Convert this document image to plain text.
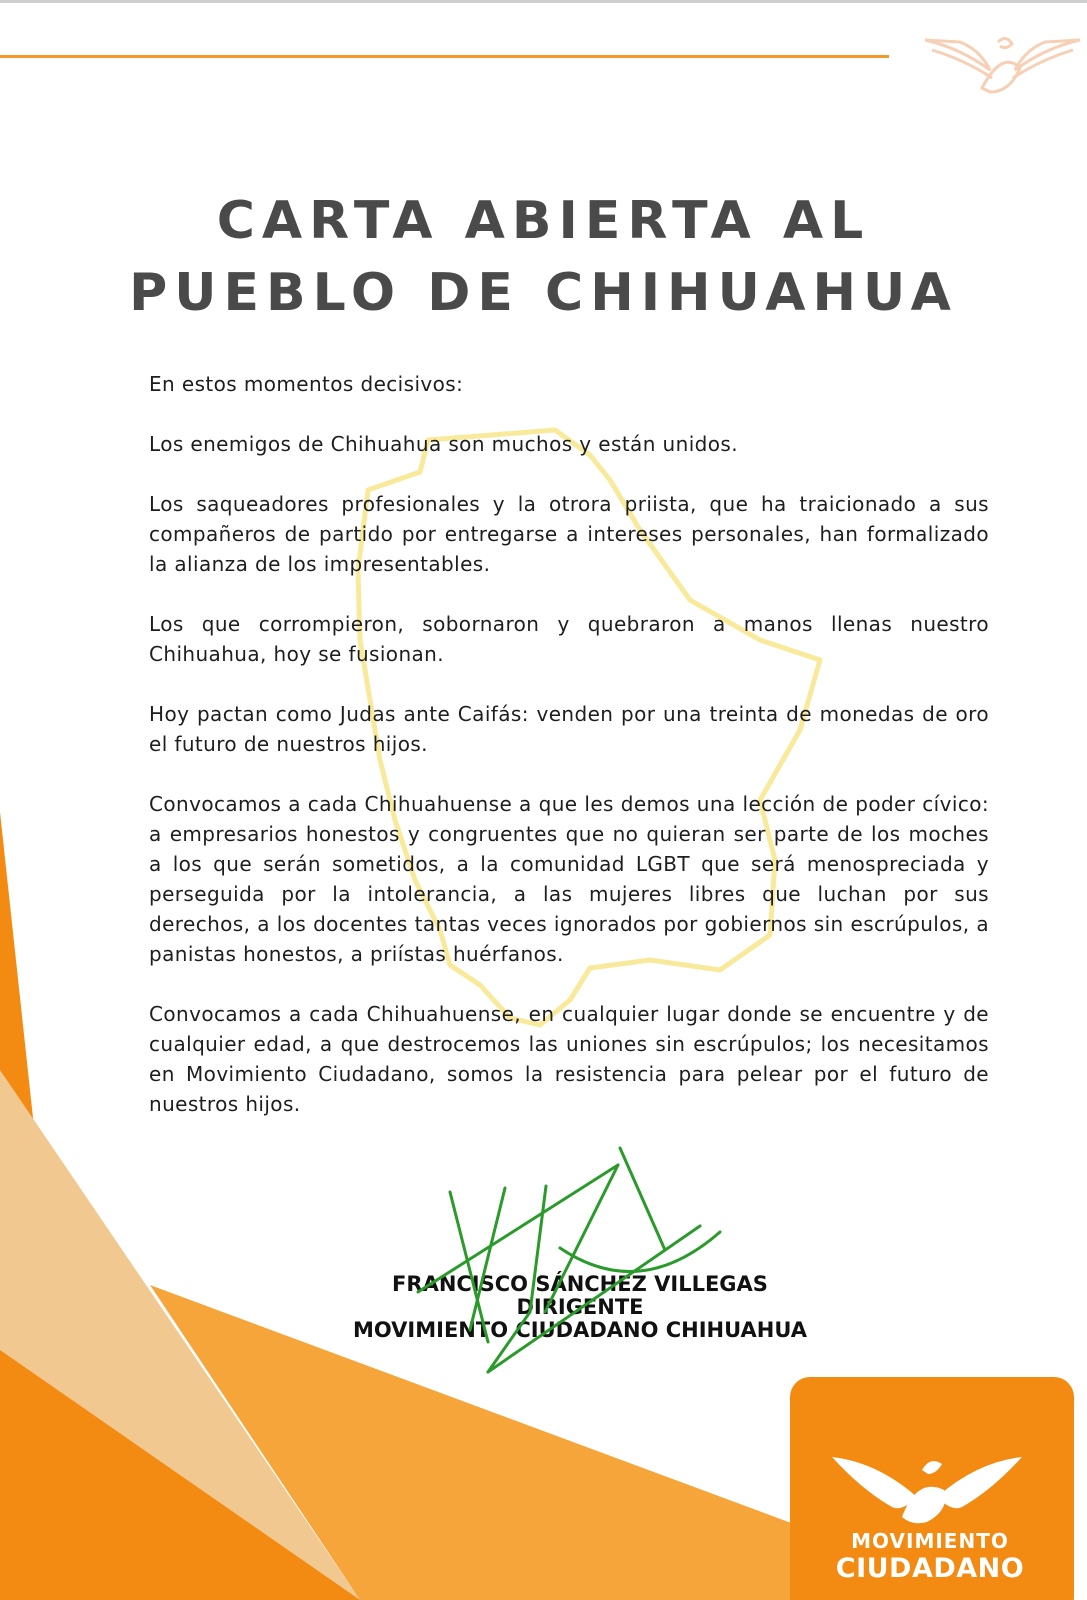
CARTA ABIERTA AL
PUEBLO DE CHIHUAHUA

En estos momentos decisivos:

Los enemigos de Chihuahua son muchos y están unidos.

Los saqueadores profesionales y la otrora priista, que ha traicionado a sus compañeros de partido por entregarse a intereses personales, han formalizado la alianza de los impresentables.

Los que corrompieron, sobornaron y quebraron a manos llenas nuestro Chihuahua, hoy se fusionan.

Hoy pactan como Judas ante Caifás: venden por una treinta de monedas de oro el futuro de nuestros hijos.

Convocamos a cada Chihuahuense a que les demos una lección de poder cívico: a empresarios honestos y congruentes que no quieran ser parte de los moches a los que serán sometidos, a la comunidad LGBT que será menospreciada y perseguida por la intolerancia, a las mujeres libres que luchan por sus derechos, a los docentes tantas veces ignorados por gobiernos sin escrúpulos, a panistas honestos, a priístas huérfanos.

Convocamos a cada Chihuahuense, en cualquier lugar donde se encuentre y de cualquier edad, a que destrocemos las uniones sin escrúpulos; los necesitamos en Movimiento Ciudadano, somos la resistencia para pelear por el futuro de nuestros hijos.

FRANCISCO SÁNCHEZ VILLEGAS
DIRIGENTE
MOVIMIENTO CIUDADANO CHIHUAHUA
MOVIMIENTO
CIUDADANO
